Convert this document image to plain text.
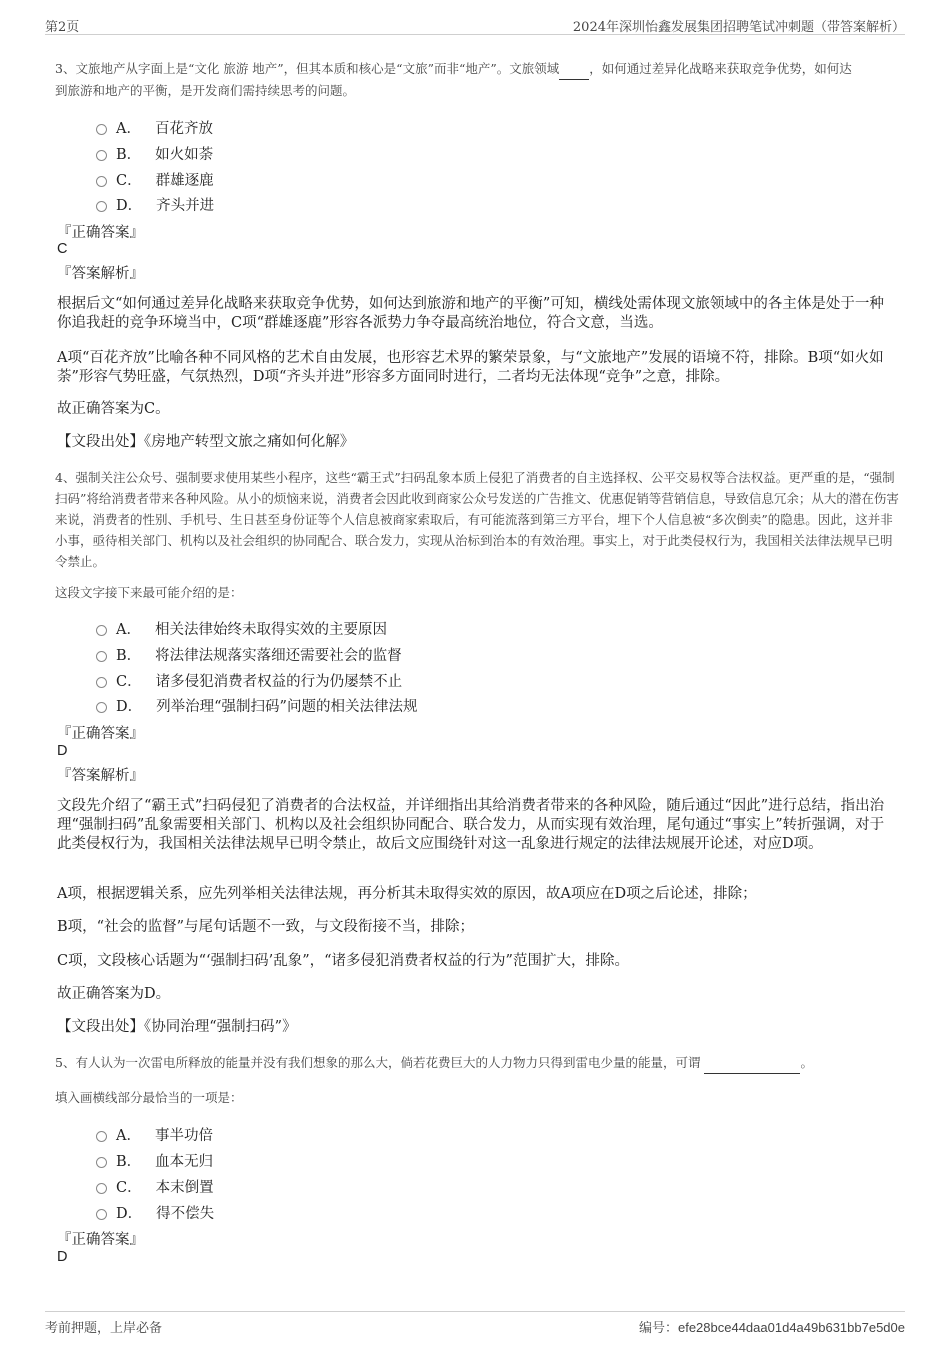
第2页	2024年深圳怡鑫发展集团招聘笔试冲刺题（带答案解析）
3、文旅地产从字面上是“文化 旅游 地产”，但其本质和核心是“文旅”而非“地产”。文旅领域 ，如何通过差异化战略来获取竞争优势，如何达
到旅游和地产的平衡，是开发商们需持续思考的问题。
A． 百花齐放
B． 如火如荼
C． 群雄逐鹿
D． 齐头并进
『正确答案』
C
『答案解析』
根据后文“如何通过差异化战略来获取竞争优势，如何达到旅游和地产的平衡”可知，横线处需体现文旅领域中的各主体是处于一种你追我赶的竞争环境当中，C项“群雄逐鹿”形容各派势力争夺最高统治地位，符合文意，当选。
A项“百花齐放”比喻各种不同风格的艺术自由发展，也形容艺术界的繁荣景象，与“文旅地产”发展的语境不符，排除。B项“如火如荼”形容气势旺盛，气氛热烈，D项“齐头并进”形容多方面同时进行，二者均无法体现“竞争”之意，排除。
故正确答案为C。
【文段出处】《房地产转型文旅之痛如何化解》
4、强制关注公众号、强制要求使用某些小程序，这些“霸王式”扫码乱象本质上侵犯了消费者的自主选择权、公平交易权等合法权益。更严重的是，“强制扫码”将给消费者带来各种风险。从小的烦恼来说，消费者会因此收到商家公众号发送的广告推文、优惠促销等营销信息，导致信息冗余；从大的潜在伤害来说，消费者的性别、手机号、生日甚至身份证等个人信息被商家索取后，有可能流落到第三方平台，埋下个人信息被“多次倒卖”的隐患。因此，这并非小事，亟待相关部门、机构以及社会组织的协同配合、联合发力，实现从治标到治本的有效治理。事实上，对于此类侵权行为，我国相关法律法规早已明令禁止。
这段文字接下来最可能介绍的是：
A． 相关法律始终未取得实效的主要原因
B． 将法律法规落实落细还需要社会的监督
C． 诸多侵犯消费者权益的行为仍屡禁不止
D． 列举治理“强制扫码”问题的相关法律法规
『正确答案』
D
『答案解析』
文段先介绍了“霸王式”扫码侵犯了消费者的合法权益，并详细指出其给消费者带来的各种风险，随后通过“因此”进行总结，指出治理“强制扫码”乱象需要相关部门、机构以及社会组织协同配合、联合发力，从而实现有效治理，尾句通过“事实上”转折强调，对于此类侵权行为，我国相关法律法规早已明令禁止，故后文应围绕针对这一乱象进行规定的法律法规展开论述，对应D项。
A项，根据逻辑关系，应先列举相关法律法规，再分析其未取得实效的原因，故A项应在D项之后论述，排除；
B项，“社会的监督”与尾句话题不一致，与文段衔接不当，排除；
C项，文段核心话题为“‘强制扫码’乱象”，“诸多侵犯消费者权益的行为”范围扩大，排除。
故正确答案为D。
【文段出处】《协同治理“强制扫码”》
5、有人认为一次雷电所释放的能量并没有我们想象的那么大，倘若花费巨大的人力物力只得到雷电少量的能量，可谓	。
填入画横线部分最恰当的一项是：
A． 事半功倍
B． 血本无归
C． 本末倒置
D． 得不偿失
『正确答案』
D
考前押题，上岸必备	编号：efe28bce44daa01d4a49b631bb7e5d0e
